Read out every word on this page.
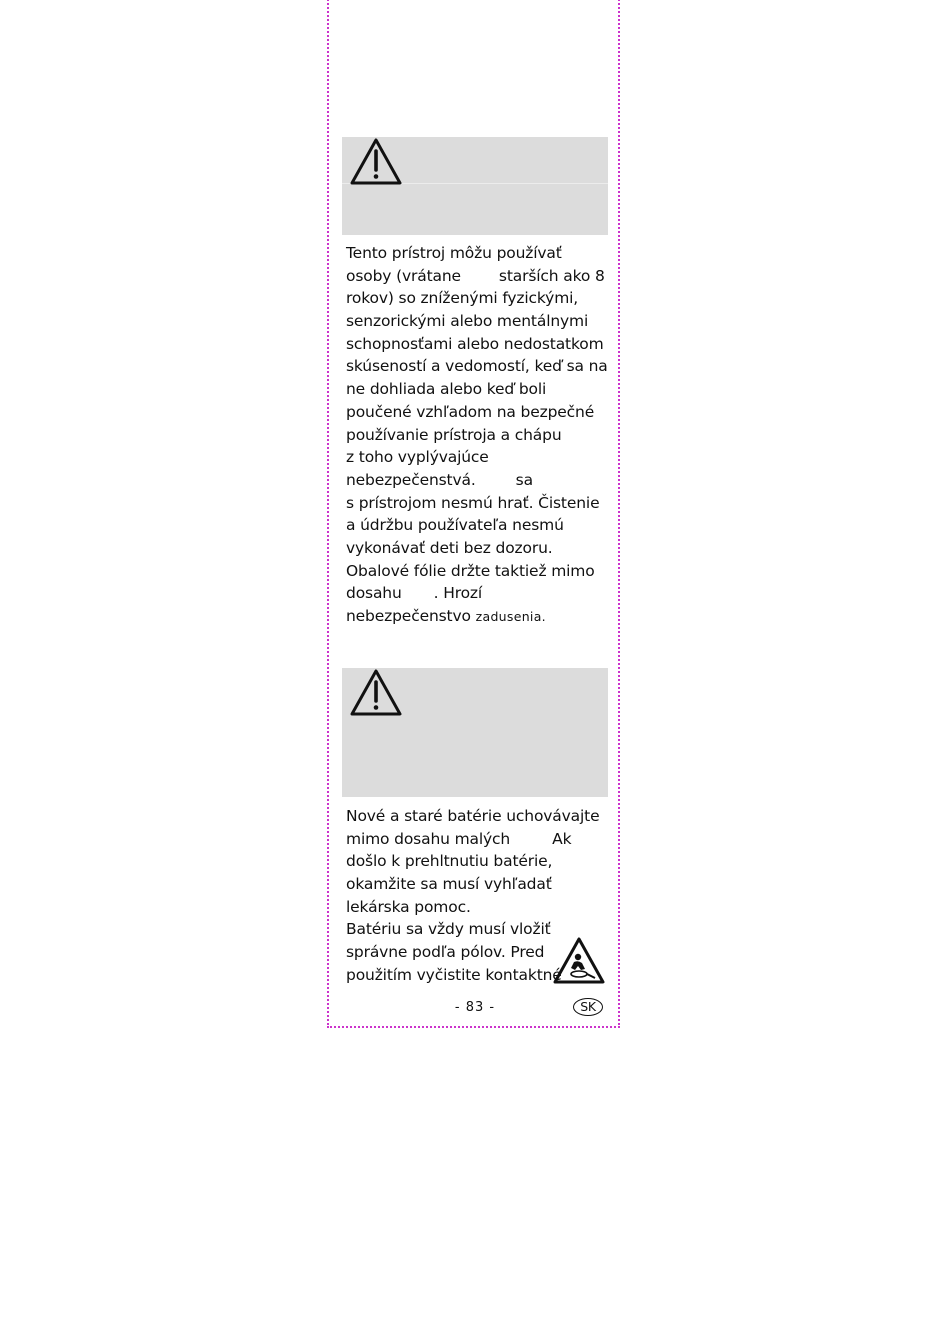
Tento prístroj môžu používať
osoby (vrátane starších ako 8
rokov) so zníženými fyzickými,
senzorickými alebo mentálnymi
schopnosťami alebo nedostatkom
skúseností a vedomostí, keď sa na
ne dohliada alebo keď boli
poučené vzhľadom na bezpečné
používanie prístroja a chápu
z toho vyplývajúce
nebezpečenstvá.	sa
s prístrojom nesmú hrať. Čistenie
a údržbu používateľa nesmú
vykonávať deti bez dozoru.
Obalové fólie držte taktiež mimo
dosahu . Hrozí
nebezpečenstvo zadusenia.
Nové a staré batérie uchovávajte
mimo dosahu malých	Ak
došlo k prehltnutiu batérie,
okamžite sa musí vyhľadať
lekárska pomoc.
Batériu sa vždy musí vložiť
správne podľa pólov. Pred
použitím vyčistite kontaktné
- 83 -	SK
